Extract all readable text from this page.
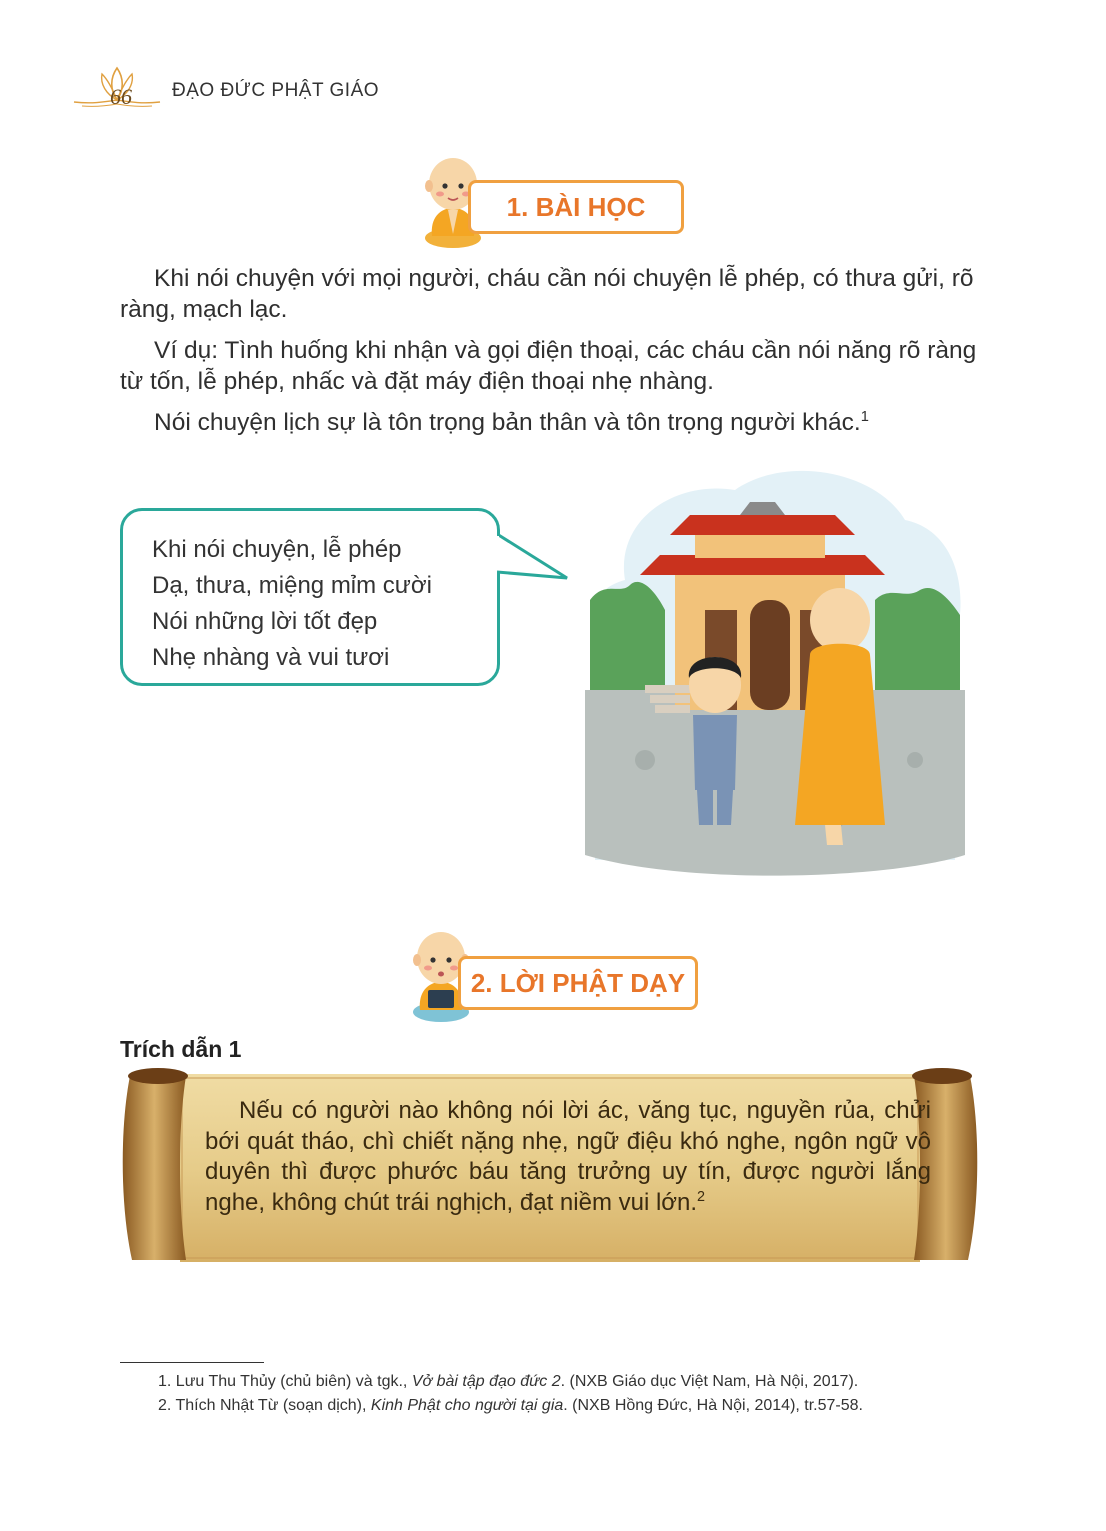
66 ĐẠO ĐỨC PHẬT GIÁO
1. BÀI HỌC

Khi nói chuyện với mọi người, cháu cần nói chuyện lễ phép, có thưa gửi, rõ ràng, mạch lạc.

Ví dụ: Tình huống khi nhận và gọi điện thoại, các cháu cần nói năng rõ ràng từ tốn, lễ phép, nhấc và đặt máy điện thoại nhẹ nhàng.

Nói chuyện lịch sự là tôn trọng bản thân và tôn trọng người khác.$^1$

Khi nói chuyện, lễ phép
Dạ, thưa, miệng mỉm cười
Nói những lời tốt đẹp
Nhẹ nhàng và vui tươi
2. LỜI PHẬT DẠY
Trích dẫn 1

Nếu có người nào không nói lời ác, văng tục, nguyền rủa, chửi bới quát tháo, chì chiết nặng nhẹ, ngữ điệu khó nghe, ngôn ngữ vô duyên thì được phước báu tăng trưởng uy tín, được người lắng nghe, không chút trái nghịch, đạt niềm vui lớn.$^2$

1. Lưu Thu Thủy (chủ biên) và tgk., Vở bài tập đạo đức 2. (NXB Giáo dục Việt Nam, Hà Nội, 2017).

2. Thích Nhật Từ (soạn dịch), Kinh Phật cho người tại gia. (NXB Hồng Đức, Hà Nội, 2014), tr.57-58.
